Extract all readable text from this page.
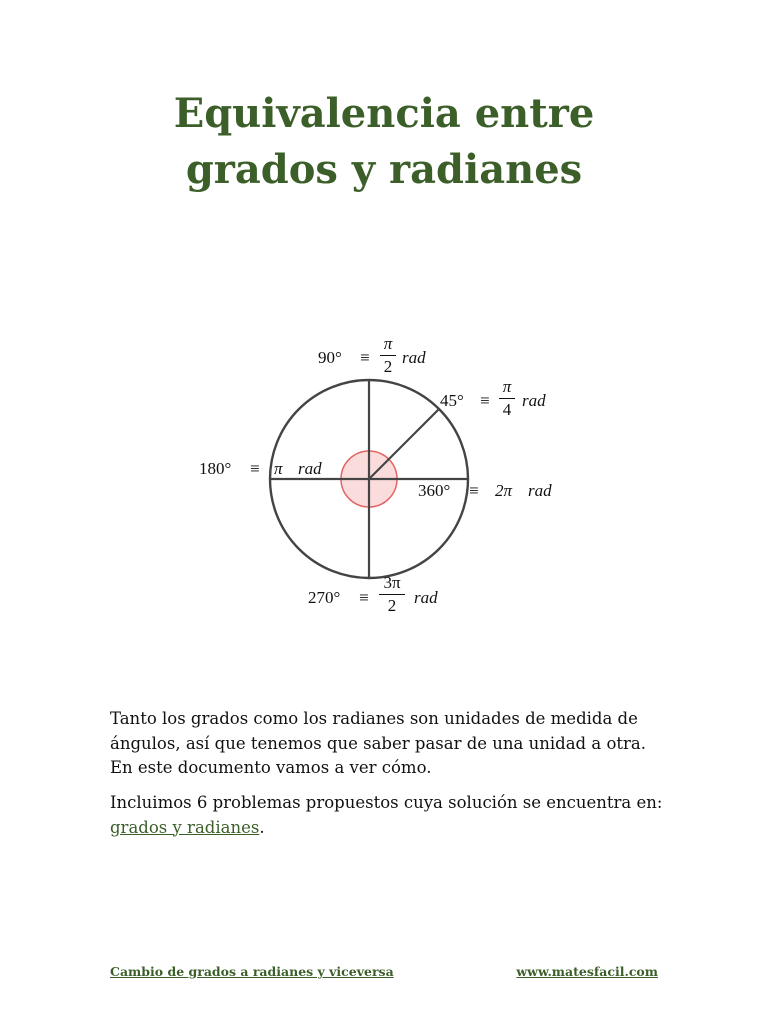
Equivalencia entre
grados y radianes
90° ≡
π
2 rad
45° ≡
π
4 rad
180° ≡ π rad
360° ≡ 2π rad
270° ≡
3π
2	rad

Tanto los grados como los radianes son unidades de medida de ángulos, así que tenemos que saber pasar de una unidad a otra. En este documento vamos a ver cómo.

Incluimos 6 problemas propuestos cuya solución se encuentra en: grados y radianes.

Cambio de grados a radianes y viceversa	www.matesfacil.com
